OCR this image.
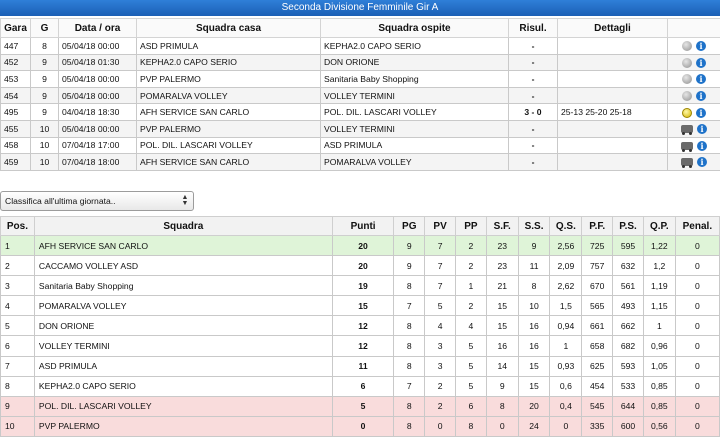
Seconda Divisione Femminile Gir A
Gara	G	Data / ora	Squadra casa	Squadra ospite	Risul.	Dettagli	
447	8	05/04/18 00:00	ASD PRIMULA	KEPHA2.0 CAPO SERIO	-		i
452	9	05/04/18 01:30	KEPHA2.0 CAPO SERIO	DON ORIONE	-		i
453	9	05/04/18 00:00	PVP PALERMO	Sanitaria Baby Shopping	-		i
454	9	05/04/18 00:00	POMARALVA VOLLEY	VOLLEY TERMINI	-		i
495	9	04/04/18 18:30	AFH SERVICE SAN CARLO	POL. DIL. LASCARI VOLLEY	3 - 0	25-13 25-20 25-18	i
455	10	05/04/18 00:00	PVP PALERMO	VOLLEY TERMINI	-		i
458	10	07/04/18 17:00	POL. DIL. LASCARI VOLLEY	ASD PRIMULA	-		i
459	10	07/04/18 18:00	AFH SERVICE SAN CARLO	POMARALVA VOLLEY	-		i
Classifica all'ultima giornata..	▲
▼
Pos.	Squadra	Punti	PG	PV	PP	S.F.	S.S.	Q.S.	P.F.	P.S.	Q.P.	Penal.
1	AFH SERVICE SAN CARLO	20	9	7	2	23	9	2,56	725	595	1,22	0
2	CACCAMO VOLLEY ASD	20	9	7	2	23	11	2,09	757	632	1,2	0
3	Sanitaria Baby Shopping	19	8	7	1	21	8	2,62	670	561	1,19	0
4	POMARALVA VOLLEY	15	7	5	2	15	10	1,5	565	493	1,15	0
5	DON ORIONE	12	8	4	4	15	16	0,94	661	662	1	0
6	VOLLEY TERMINI	12	8	3	5	16	16	1	658	682	0,96	0
7	ASD PRIMULA	11	8	3	5	14	15	0,93	625	593	1,05	0
8	KEPHA2.0 CAPO SERIO	6	7	2	5	9	15	0,6	454	533	0,85	0
9	POL. DIL. LASCARI VOLLEY	5	8	2	6	8	20	0,4	545	644	0,85	0
10	PVP PALERMO	0	8	0	8	0	24	0	335	600	0,56	0
